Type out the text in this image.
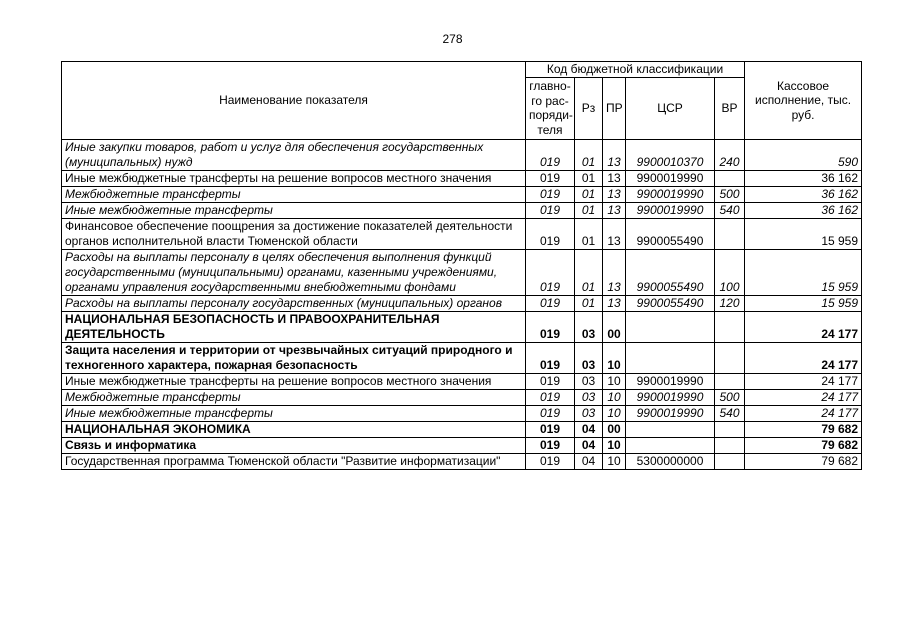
278
Наименование показателя	Код бюджетной классификации					Кассовое исполнение, тыс. руб.
	главно-го рас-поряди-теля	Рз	ПР	ЦСР	ВР	
Иные закупки товаров, работ и услуг для обеспечения государственных (муниципальных) нужд	019	01	13	9900010370	240	590
Иные межбюджетные трансферты на решение вопросов местного значения	019	01	13	9900019990		36 162
Межбюджетные трансферты	019	01	13	9900019990	500	36 162
Иные межбюджетные трансферты	019	01	13	9900019990	540	36 162
Финансовое обеспечение поощрения за достижение показателей деятельности органов исполнительной власти Тюменской области	019	01	13	9900055490		15 959
Расходы на выплаты персоналу в целях обеспечения выполнения функций государственными (муниципальными) органами, казенными учреждениями, органами управления государственными внебюджетными фондами	019	01	13	9900055490	100	15 959
Расходы на выплаты персоналу государственных (муниципальных) органов	019	01	13	9900055490	120	15 959
НАЦИОНАЛЬНАЯ БЕЗОПАСНОСТЬ И ПРАВООХРАНИТЕЛЬНАЯ ДЕЯТЕЛЬНОСТЬ	019	03	00			24 177
Защита населения и территории от чрезвычайных ситуаций природного и техногенного характера, пожарная безопасность	019	03	10			24 177
Иные межбюджетные трансферты на решение вопросов местного значения	019	03	10	9900019990		24 177
Межбюджетные трансферты	019	03	10	9900019990	500	24 177
Иные межбюджетные трансферты	019	03	10	9900019990	540	24 177
НАЦИОНАЛЬНАЯ ЭКОНОМИКА	019	04	00			79 682
Связь и информатика	019	04	10			79 682
Государственная программа Тюменской области "Развитие информатизации"	019	04	10	5300000000		79 682
